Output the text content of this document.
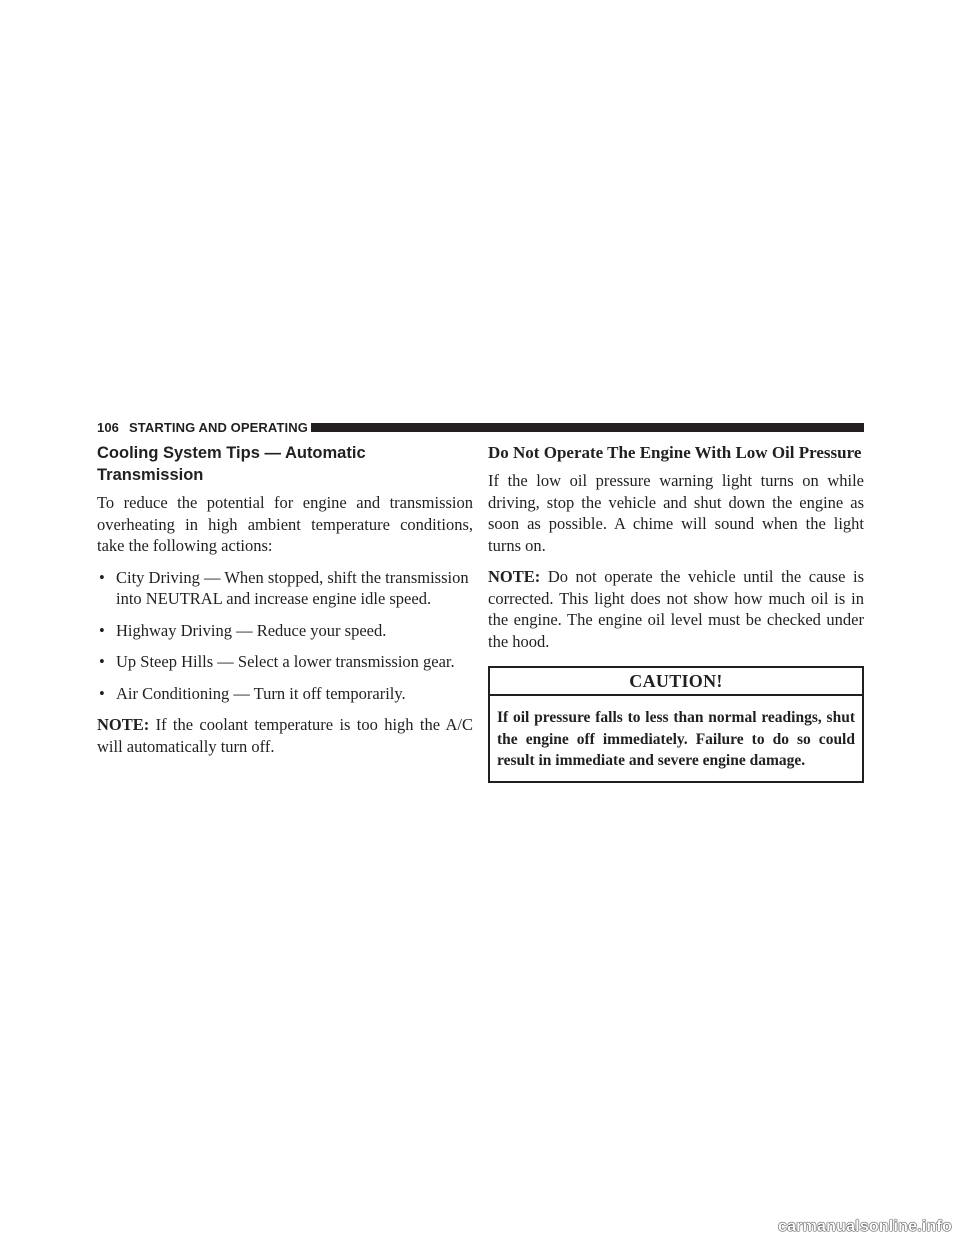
106 STARTING AND OPERATING
Cooling System Tips — Automatic Transmission

To reduce the potential for engine and transmission overheating in high ambient temperature conditions, take the following actions:

• City Driving — When stopped, shift the transmission into NEUTRAL and increase engine idle speed.
• Highway Driving — Reduce your speed.
• Up Steep Hills — Select a lower transmission gear.
• Air Conditioning — Turn it off temporarily.

NOTE: If the coolant temperature is too high the A/C will automatically turn off.

Do Not Operate The Engine With Low Oil Pressure

If the low oil pressure warning light turns on while driving, stop the vehicle and shut down the engine as soon as possible. A chime will sound when the light turns on.

NOTE: Do not operate the vehicle until the cause is corrected. This light does not show how much oil is in the engine. The engine oil level must be checked under the hood.

CAUTION!
If oil pressure falls to less than normal readings, shut the engine off immediately. Failure to do so could result in immediate and severe engine damage.
carmanualsonline.info
